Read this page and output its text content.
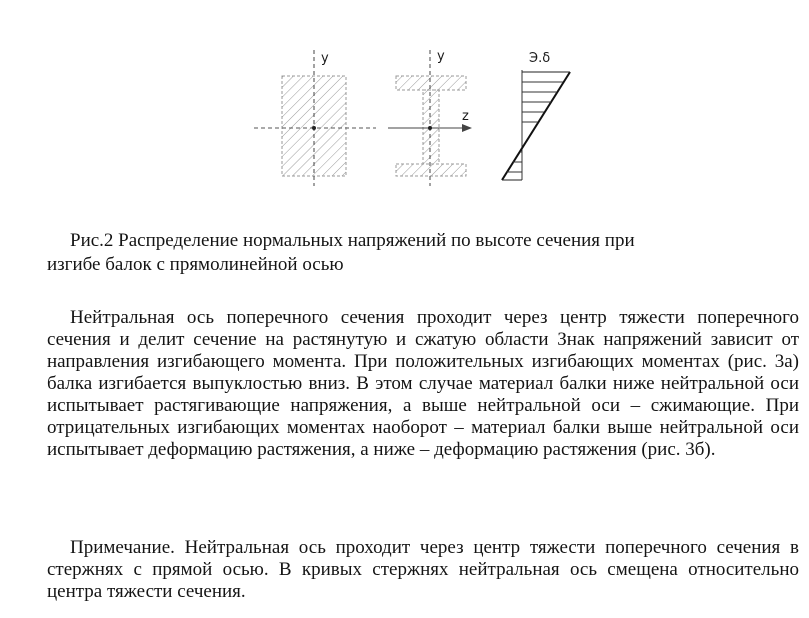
y	y
z
Э.δ

Рис.2 Распределение нормальных напряжений по высоте сечения при
изгибе балок с прямолинейной осью

Нейтральная ось поперечного сечения проходит через центр тяжести поперечного сечения и делит сечение на растянутую и сжатую области Знак напряжений зависит от направления изгибающего момента. При положительных изгибающих моментах (рис. 3а) балка изгибается выпуклостью вниз. В этом случае материал балки ниже нейтральной оси испытывает растягивающие напряжения, а выше нейтральной оси – сжимающие. При отрицательных изгибающих моментах наоборот – материал балки выше нейтральной оси испытывает деформацию растяжения, а ниже – деформацию растяжения (рис. 3б).

Примечание. Нейтральная ось проходит через центр тяжести поперечного сечения в стержнях с прямой осью. В кривых стержнях нейтральная ось смещена относительно центра тяжести сечения.
